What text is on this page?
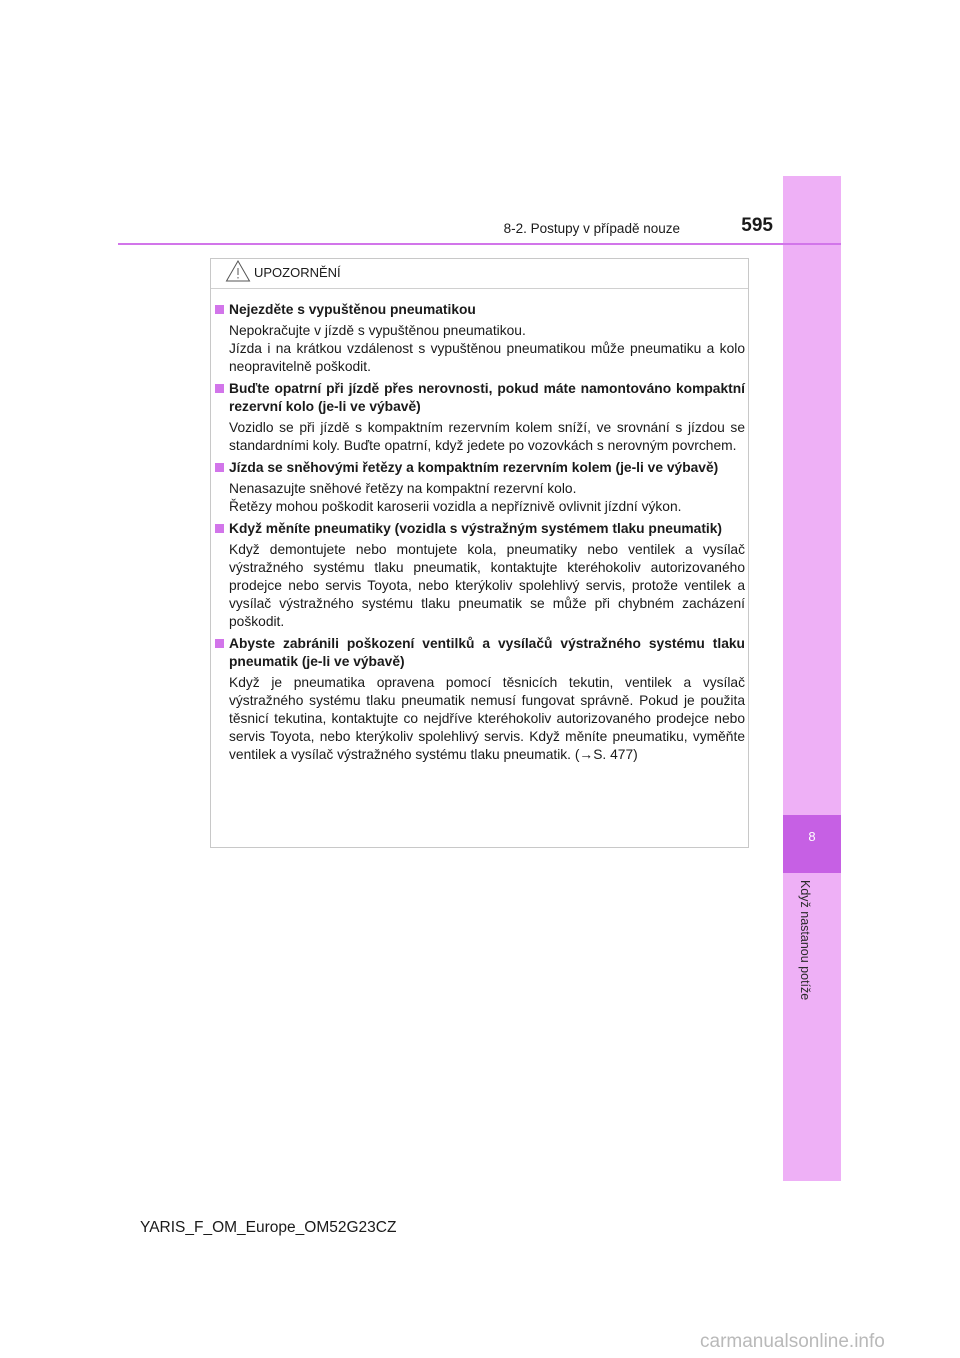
8
Když nastanou potíže
8-2. Postupy v případě nouze	595
UPOZORNĚNÍ
Nejezděte s vypuštěnou pneumatikou

Nepokračujte v jízdě s vypuštěnou pneumatikou.

Jízda i na krátkou vzdálenost s vypuštěnou pneumatikou může pneumatiku a kolo neopravitelně poškodit.

Buďte opatrní při jízdě přes nerovnosti, pokud máte namontováno kompaktní rezervní kolo (je-li ve výbavě)

Vozidlo se při jízdě s kompaktním rezervním kolem sníží, ve srovnání s jízdou se standardními koly. Buďte opatrní, když jedete po vozovkách s nerovným povrchem.

Jízda se sněhovými řetězy a kompaktním rezervním kolem (je-li ve výbavě)

Nenasazujte sněhové řetězy na kompaktní rezervní kolo.

Řetězy mohou poškodit karoserii vozidla a nepříznivě ovlivnit jízdní výkon.

Když měníte pneumatiky (vozidla s výstražným systémem tlaku pneumatik)

Když demontujete nebo montujete kola, pneumatiky nebo ventilek a vysílač výstražného systému tlaku pneumatik, kontaktujte kteréhokoliv autorizovaného prodejce nebo servis Toyota, nebo kterýkoliv spolehlivý servis, protože ventilek a vysílač výstražného systému tlaku pneumatik se může při chybném zacházení poškodit.

Abyste zabránili poškození ventilků a vysílačů výstražného systému tlaku pneumatik (je-li ve výbavě)

Když je pneumatika opravena pomocí těsnicích tekutin, ventilek a vysílač výstražného systému tlaku pneumatik nemusí fungovat správně. Pokud je použita těsnicí tekutina, kontaktujte co nejdříve kteréhokoliv autorizovaného prodejce nebo servis Toyota, nebo kterýkoliv spolehlivý servis. Když měníte pneumatiku, vyměňte ventilek a vysílač výstražného systému tlaku pneumatik. (→S. 477)

YARIS_F_OM_Europe_OM52G23CZ
carmanualsonline.info
